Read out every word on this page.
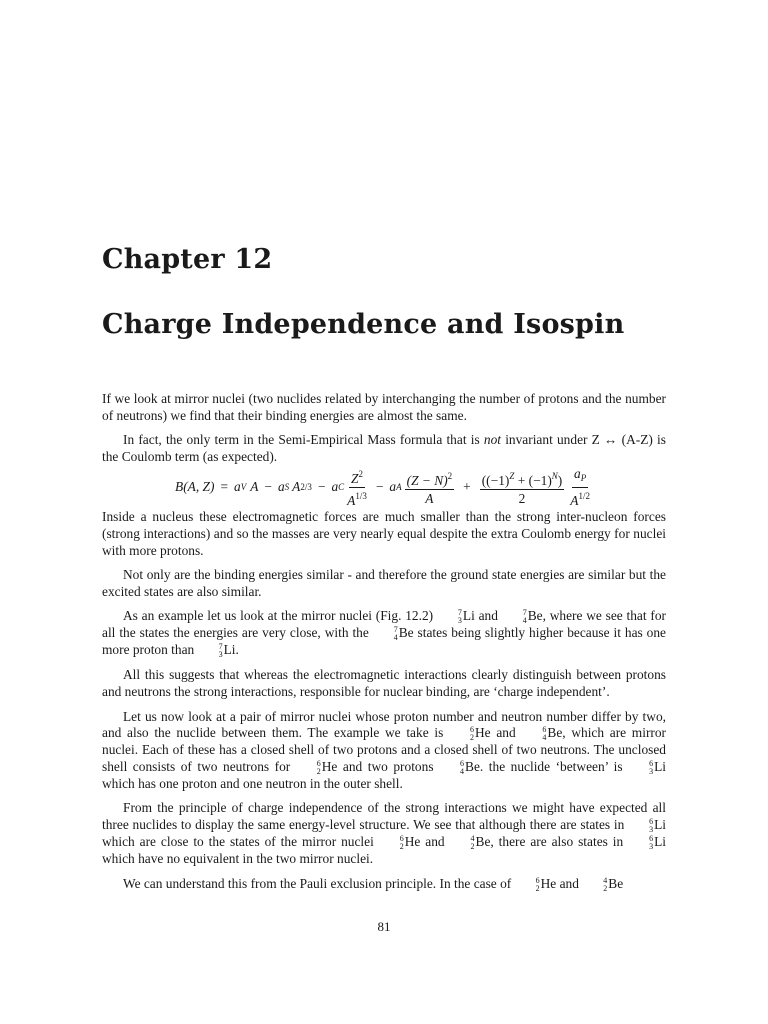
Chapter 12
Charge Independence and Isospin

If we look at mirror nuclei (two nuclides related by interchanging the number of protons and the number of neutrons) we find that their binding energies are almost the same.

In fact, the only term in the Semi-Empirical Mass formula that is not invariant under Z ↔ (A-Z) is the Coulomb term (as expected).

B(A, Z) = a V A − a S A 2/3 − a C $\frac{Z^2}{A^{1/3}} - a$ A $\frac{(Z - N)^2}{A} + \frac{((-1)^Z + (-1)^N)}{2} \frac{a_P}{A^{1/2}}$

Inside a nucleus these electromagnetic forces are much smaller than the strong inter-nucleon forces (strong interactions) and so the masses are very nearly equal despite the extra Coulomb energy for nuclei with more protons.

Not only are the binding energies similar - and therefore the ground state energies are similar but the excited states are also similar.

As an example let us look at the mirror nuclei (Fig. 12.2)	7
3 Li and	7
4 Be, where we see that for all the states the energies are very close, with the	7
4 Be states being slightly higher because it has one more proton than	7
3 Li.

All this suggests that whereas the electromagnetic interactions clearly distinguish between protons and neutrons the strong interactions, responsible for nuclear binding, are ‘charge independent’.

Let us now look at a pair of mirror nuclei whose proton number and neutron number differ by two, and also the nuclide between them. The example we take is	6
2 He and	6
4 Be, which are mirror nuclei. Each of these has a closed shell of two protons and a closed shell of two neutrons. The unclosed shell consists of two neutrons for	6
2 He and two protons	6
4 Be. the nuclide ‘between’ is	6
3 Li which has one proton and one neutron in the outer shell.

From the principle of charge independence of the strong interactions we might have expected all three nuclides to display the same energy-level structure. We see that although there are states in	6
3 Li which are close to the states of the mirror nuclei	6
2 He and	4
2 Be, there are also states in	6
3 Li which have no equivalent in the two mirror nuclei.

We can understand this from the Pauli exclusion principle. In the case of	6
2 He and	4
2 Be

81
